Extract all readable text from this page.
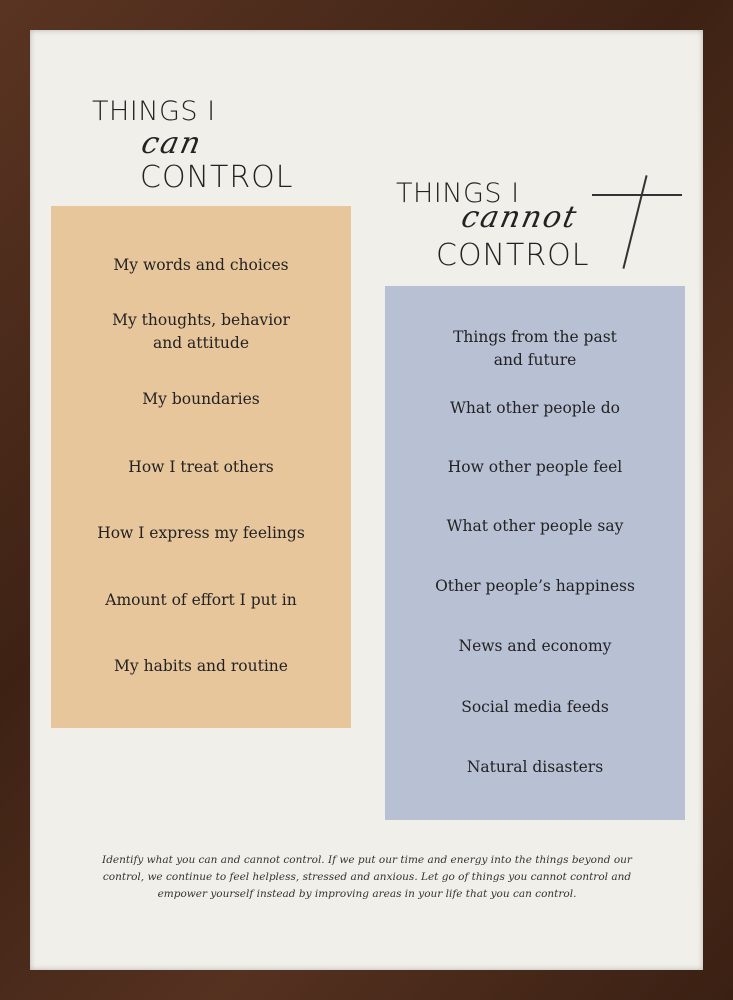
THINGS I
can
CONTROL	THINGS I
cannot
CONTROL
My words and choices
My thoughts, behavior
and attitude
My boundaries
How I treat others
How I express my feelings
Amount of effort I put in
My habits and routine
Things from the past
and future
What other people do
How other people feel
What other people say
Other people’s happiness
News and economy
Social media feeds
Natural disasters
Identify what you can and cannot control. If we put our time and energy into the things beyond our control, we continue to feel helpless, stressed and anxious. Let go of things you cannot control and empower yourself instead by improving areas in your life that you can control.
